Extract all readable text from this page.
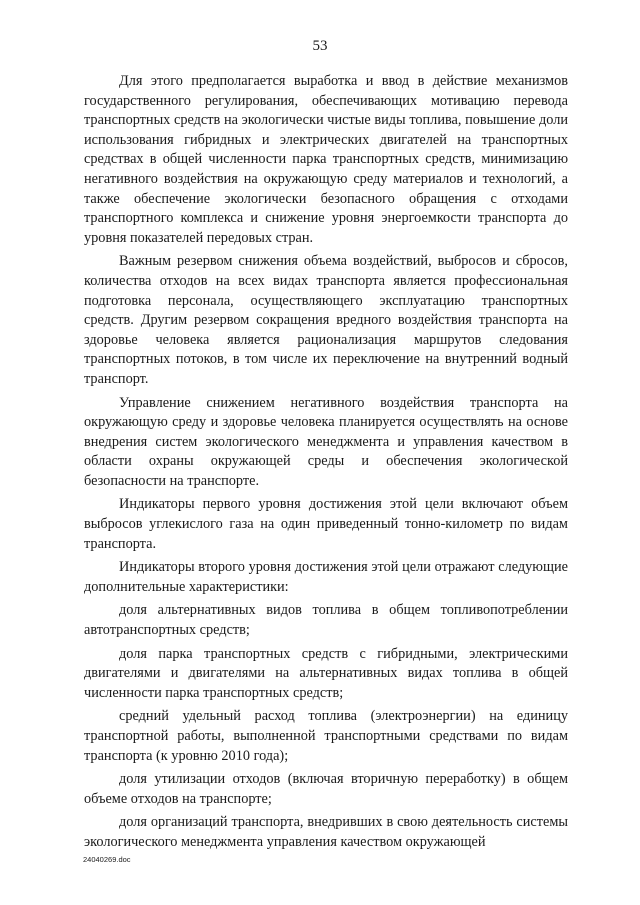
53

Для этого предполагается выработка и ввод в действие механизмов государственного регулирования, обеспечивающих мотивацию перевода транспортных средств на экологически чистые виды топлива, повышение доли использования гибридных и электрических двигателей на транспортных средствах в общей численности парка транспортных средств, минимизацию негативного воздействия на окружающую среду материалов и технологий, а также обеспечение экологически безопасного обращения с отходами транспортного комплекса и снижение уровня энергоемкости транспорта до уровня показателей передовых стран.

Важным резервом снижения объема воздействий, выбросов и сбросов, количества отходов на всех видах транспорта является профессиональная подготовка персонала, осуществляющего эксплуатацию транспортных средств. Другим резервом сокращения вредного воздействия транспорта на здоровье человека является рационализация маршрутов следования транспортных потоков, в том числе их переключение на внутренний водный транспорт.

Управление снижением негативного воздействия транспорта на окружающую среду и здоровье человека планируется осуществлять на основе внедрения систем экологического менеджмента и управления качеством в области охраны окружающей среды и обеспечения экологической безопасности на транспорте.

Индикаторы первого уровня достижения этой цели включают объем выбросов углекислого газа на один приведенный тонно-километр по видам транспорта.

Индикаторы второго уровня достижения этой цели отражают следующие дополнительные характеристики:

доля альтернативных видов топлива в общем топливопотреблении автотранспортных средств;

доля парка транспортных средств с гибридными, электрическими двигателями и двигателями на альтернативных видах топлива в общей численности парка транспортных средств;

средний удельный расход топлива (электроэнергии) на единицу транспортной работы, выполненной транспортными средствами по видам транспорта (к уровню 2010 года);

доля утилизации отходов (включая вторичную переработку) в общем объеме отходов на транспорте;

доля организаций транспорта, внедривших в свою деятельность системы экологического менеджмента управления качеством окружающей

24040269.doc
